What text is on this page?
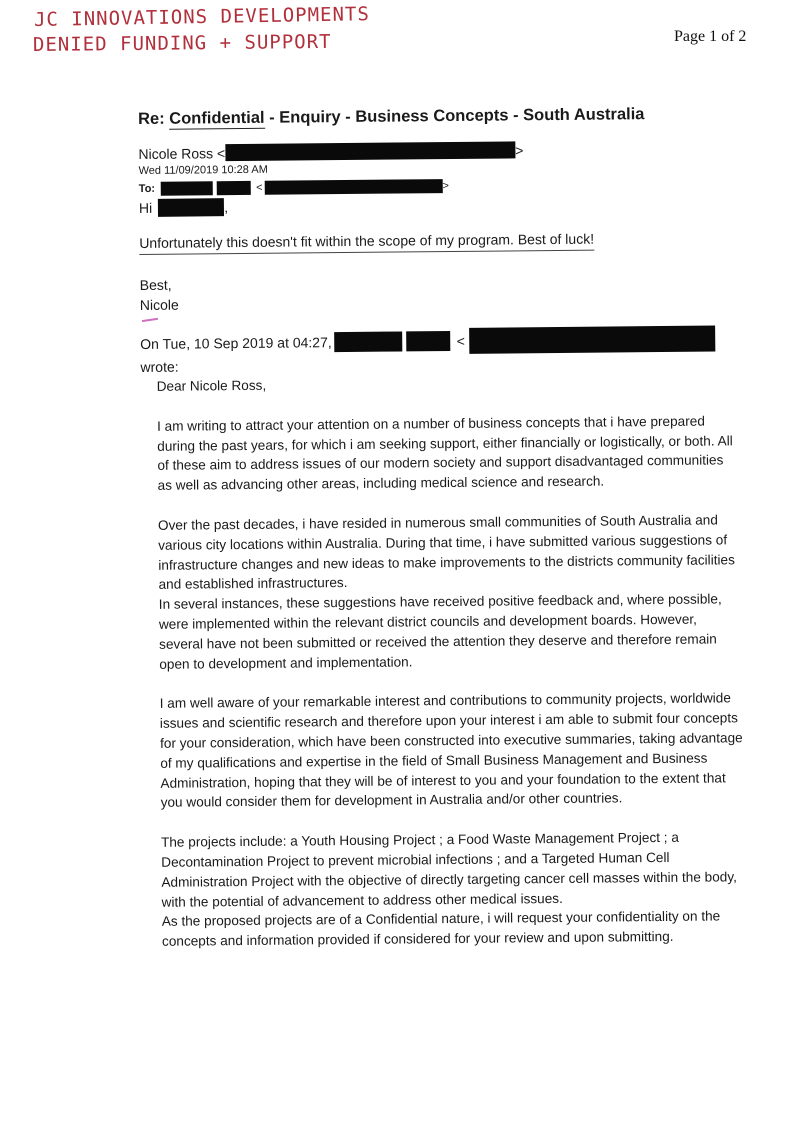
JC INNOVATIONS DEVELOPMENTS
DENIED FUNDING + SUPPORT	Page 1 of 2
Re: Confidential - Enquiry - Business Concepts - South Australia
Nicole Ross <	>
Wed 11/09/2019 10:28 AM
To:	<	>
Hi	,
Unfortunately this doesn't fit within the scope of my program. Best of luck!
Best,
Nicole
On Tue, 10 Sep 2019 at 04:27,	<
wrote:
Dear Nicole Ross,

I am writing to attract your attention on a number of business concepts that i have prepared during the past years, for which i am seeking support, either financially or logistically, or both. All of these aim to address issues of our modern society and support disadvantaged communities as well as advancing other areas, including medical science and research.

Over the past decades, i have resided in numerous small communities of South Australia and various city locations within Australia. During that time, i have submitted various suggestions of infrastructure changes and new ideas to make improvements to the districts community facilities and established infrastructures.

In several instances, these suggestions have received positive feedback and, where possible, were implemented within the relevant district councils and development boards. However, several have not been submitted or received the attention they deserve and therefore remain open to development and implementation.

I am well aware of your remarkable interest and contributions to community projects, worldwide issues and scientific research and therefore upon your interest i am able to submit four concepts for your consideration, which have been constructed into executive summaries, taking advantage of my qualifications and expertise in the field of Small Business Management and Business Administration, hoping that they will be of interest to you and your foundation to the extent that you would consider them for development in Australia and/or other countries.

The projects include: a Youth Housing Project ; a Food Waste Management Project ; a Decontamination Project to prevent microbial infections ; and a Targeted Human Cell Administration Project with the objective of directly targeting cancer cell masses within the body, with the potential of advancement to address other medical issues.

As the proposed projects are of a Confidential nature, i will request your confidentiality on the concepts and information provided if considered for your review and upon submitting.
